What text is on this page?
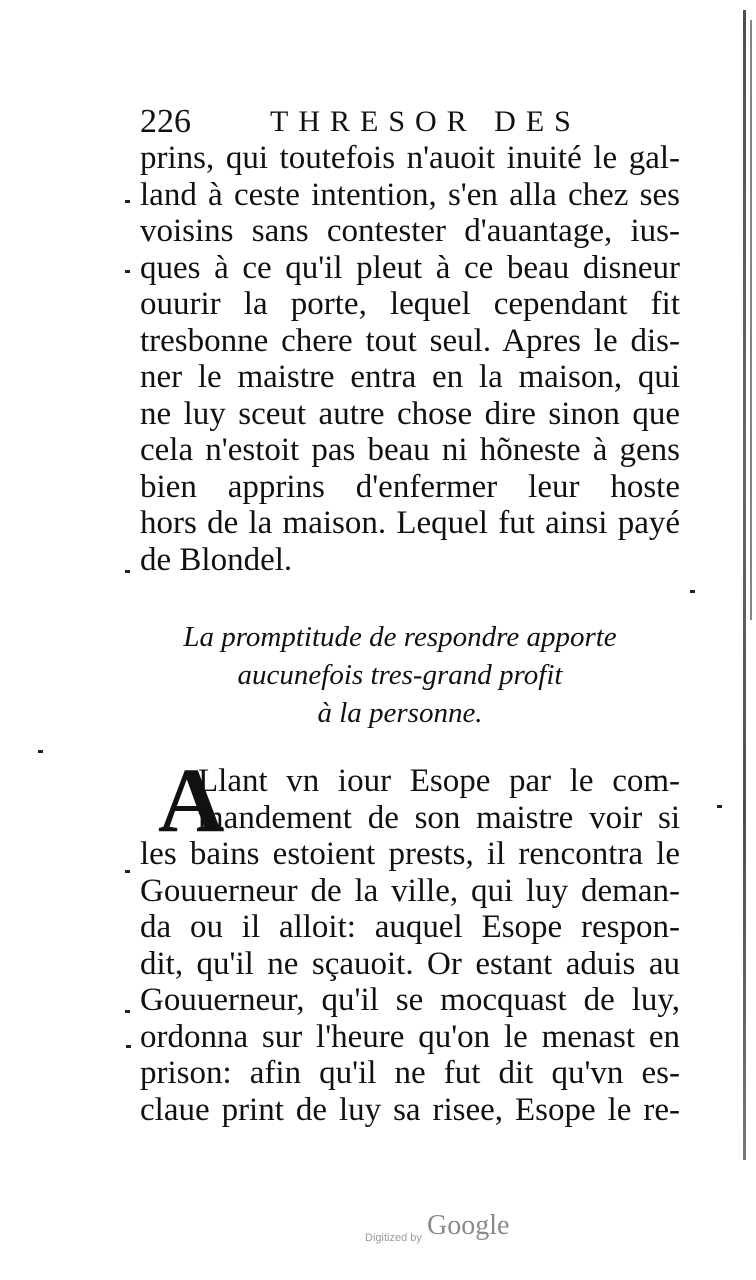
226	THRESOR DES
prins, qui toutefois n'auoit inuité le gal-
land à ceste intention, s'en alla chez ses
voisins sans contester d'auantage, ius-
ques à ce qu'il pleut à ce beau disneur
ouurir la porte, lequel cependant fit
tresbonne chere tout seul. Apres le dis-
ner le maistre entra en la maison, qui
ne luy sceut autre chose dire sinon que
cela n'estoit pas beau ni hõneste à gens
bien apprins d'enfermer leur hoste
hors de la maison. Lequel fut ainsi payé
de Blondel.
La promptitude de respondre apporte
aucunefois tres-grand profit
à la personne.
A
Llant vn iour Esope par le com-
mandement de son maistre voir si
les bains estoient prests, il rencontra le
Gouuerneur de la ville, qui luy deman-
da ou il alloit: auquel Esope respon-
dit, qu'il ne sçauoit. Or estant aduis au
Gouuerneur, qu'il se mocquast de luy,
ordonna sur l'heure qu'on le menast en
prison: afin qu'il ne fut dit qu'vn es-
claue print de luy sa risee, Esope le re-
Digitized by Google
